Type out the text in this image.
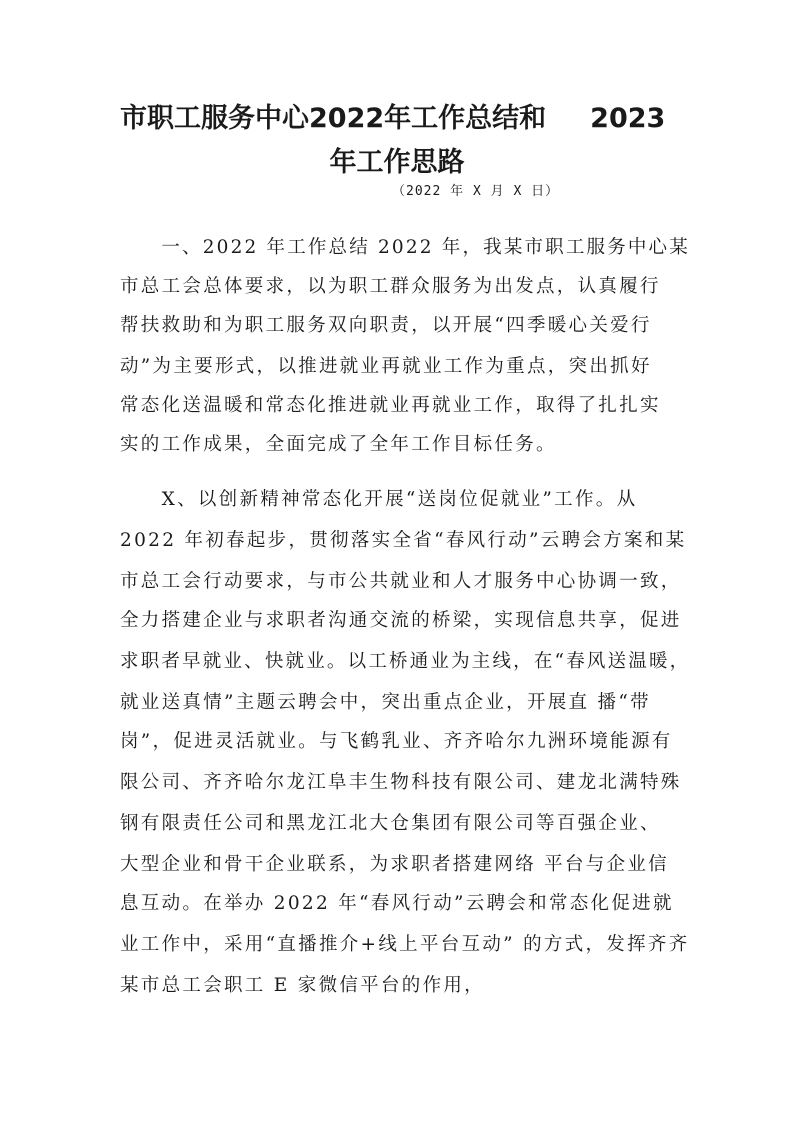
市职工服务中心2022年工作总结和 2023
年工作思路
（2022 年 X 月 X 日）
　　一、2022 年工作总结 2022 年，我某市职工服务中心某
市总工会总体要求，以为职工群众服务为出发点，认真履行
帮扶救助和为职工服务双向职责，以开展“四季暖心关爱行
动”为主要形式，以推进就业再就业工作为重点，突出抓好
常态化送温暖和常态化推进就业再就业工作，取得了扎扎实
实的工作成果，全面完成了全年工作目标任务。
　　X、以创新精神常态化开展“送岗位促就业”工作。从
2022 年初春起步，贯彻落实全省“春风行动”云聘会方案和某
市总工会行动要求，与市公共就业和人才服务中心协调一致，
全力搭建企业与求职者沟通交流的桥梁，实现信息共享，促进
求职者早就业、快就业。以工桥通业为主线，在“春风送温暖，
就业送真情”主题云聘会中，突出重点企业，开展直 播“带
岗”，促进灵活就业。与飞鹤乳业、齐齐哈尔九洲环境能源有
限公司、齐齐哈尔龙江阜丰生物科技有限公司、建龙北满特殊
钢有限责任公司和黑龙江北大仓集团有限公司等百强企业、
大型企业和骨干企业联系，为求职者搭建网络 平台与企业信
息互动。在举办 2022 年“春风行动”云聘会和常态化促进就
业工作中，采用“直播推介+线上平台互动” 的方式，发挥齐齐
某市总工会职工 E 家微信平台的作用，
